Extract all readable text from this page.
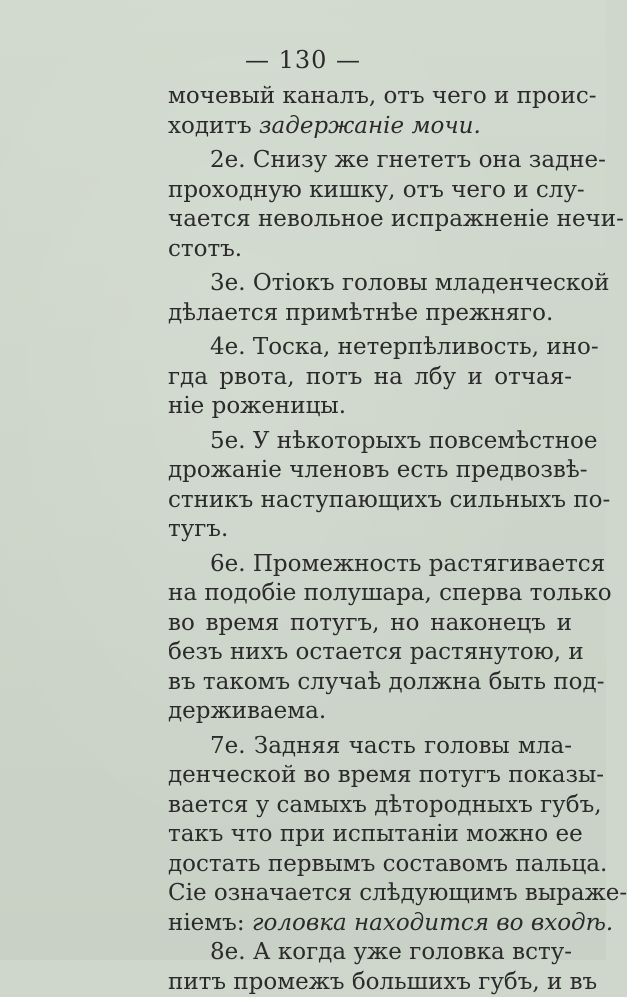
— 130 —
мочевый каналъ, отъ чего и проис-
ходитъ задержаніе мочи.
2е. Снизу же гнететъ она задне-
проходную кишку, отъ чего и слу-
чается невольное испражненіе нечи-
стотъ.
3е. Отiокъ головы младенческой
дѣлается примѣтнѣе прежняго.
4е. Тоска, нетерпѣливость, ино-
гда рвота, потъ на лбу и отчая-
ніе роженицы.
5е. У нѣкоторыхъ повсемѣстное
дрожаніе членовъ есть предвозвѣ-
стникъ наступающихъ сильныхъ по-
тугъ.
6е. Промежность растягивается
на подобіе полушара, сперва только
во время потугъ, но наконецъ и
безъ нихъ остается растянутою, и
въ такомъ случаѣ должна быть под-
держиваема.
7е. Задняя часть головы мла-
денческой во время потугъ показы-
вается у самыхъ дѣтородныхъ губъ,
такъ что при испытаніи можно ее
достать первымъ составомъ пальца.
Сіе означается слѣдующимъ выраже-
ніемъ: головка находится во входѣ.
8е. А когда уже головка всту-
питъ промежъ большихъ губъ, и въ
